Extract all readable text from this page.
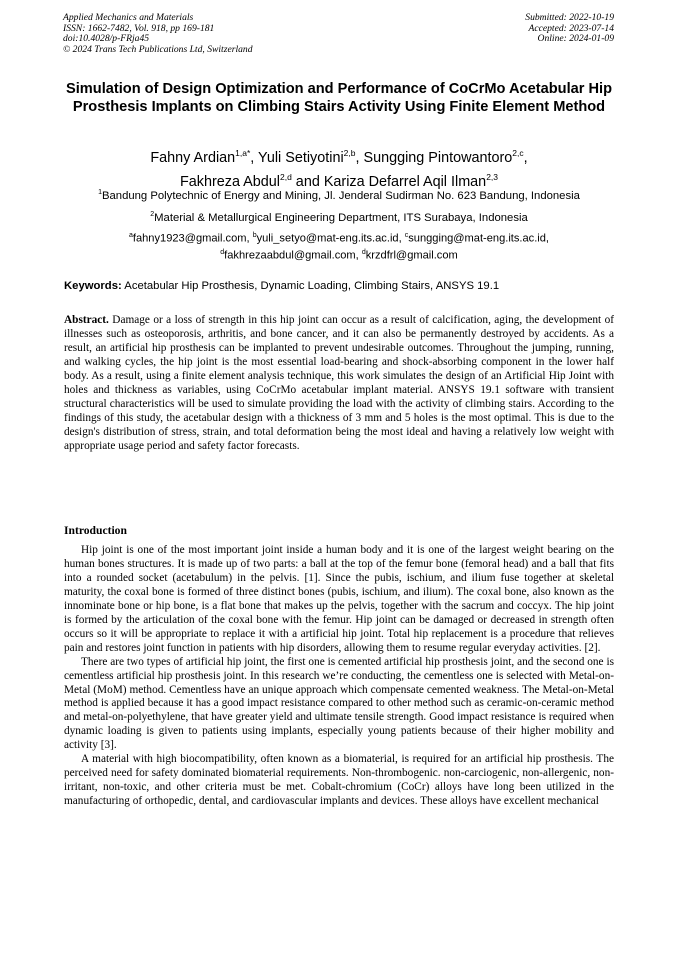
Applied Mechanics and Materials
ISSN: 1662-7482, Vol. 918, pp 169-181
doi:10.4028/p-FRja45
© 2024 Trans Tech Publications Ltd, Switzerland
Submitted: 2022-10-19
Accepted: 2023-07-14
Online: 2024-01-09
Simulation of Design Optimization and Performance of CoCrMo Acetabular Hip Prosthesis Implants on Climbing Stairs Activity Using Finite Element Method
Fahny Ardian$^{1,a*}$, Yuli Setiyotini$^{2,b}$, Sungging Pintowantoro$^{2,c}$,
Fakhreza Abdul$^{2,d}$ and Kariza Defarrel Aqil Ilman$^{2,3}$
$^1$Bandung Polytechnic of Energy and Mining, Jl. Jenderal Sudirman No. 623 Bandung, Indonesia
$^2$Material & Metallurgical Engineering Department, ITS Surabaya, Indonesia
$^a$fahny1923@gmail.com, $^b$yuli_setyo@mat-eng.its.ac.id, $^c$sungging@mat-eng.its.ac.id,
$^d$fakhrezaabdul@gmail.com, $^d$krzdfrl@gmail.com
Keywords: Acetabular Hip Prosthesis, Dynamic Loading, Climbing Stairs, ANSYS 19.1

Abstract. Damage or a loss of strength in this hip joint can occur as a result of calcification, aging, the development of illnesses such as osteoporosis, arthritis, and bone cancer, and it can also be permanently destroyed by accidents. As a result, an artificial hip prosthesis can be implanted to prevent undesirable outcomes. Throughout the jumping, running, and walking cycles, the hip joint is the most essential load-bearing and shock-absorbing component in the lower half body. As a result, using a finite element analysis technique, this work simulates the design of an Artificial Hip Joint with holes and thickness as variables, using CoCrMo acetabular implant material. ANSYS 19.1 software with transient structural characteristics will be used to simulate providing the load with the activity of climbing stairs. According to the findings of this study, the acetabular design with a thickness of 3 mm and 5 holes is the most optimal. This is due to the design's distribution of stress, strain, and total deformation being the most ideal and having a relatively low weight with appropriate usage period and safety factor forecasts.

Introduction

Hip joint is one of the most important joint inside a human body and it is one of the largest weight bearing on the human bones structures. It is made up of two parts: a ball at the top of the femur bone (femoral head) and a ball that fits into a rounded socket (acetabulum) in the pelvis. [1]. Since the pubis, ischium, and ilium fuse together at skeletal maturity, the coxal bone is formed of three distinct bones (pubis, ischium, and ilium). The coxal bone, also known as the innominate bone or hip bone, is a flat bone that makes up the pelvis, together with the sacrum and coccyx. The hip joint is formed by the articulation of the coxal bone with the femur. Hip joint can be damaged or decreased in strength often occurs so it will be appropriate to replace it with a artificial hip joint. Total hip replacement is a procedure that relieves pain and restores joint function in patients with hip disorders, allowing them to resume regular everyday activities. [2].

There are two types of artificial hip joint, the first one is cemented artificial hip prosthesis joint, and the second one is cementless artificial hip prosthesis joint. In this research we’re conducting, the cementless one is selected with Metal-on-Metal (MoM) method. Cementless have an unique approach which compensate cemented weakness. The Metal-on-Metal method is applied because it has a good impact resistance compared to other method such as ceramic-on-ceramic method and metal-on-polyethylene, that have greater yield and ultimate tensile strength. Good impact resistance is required when dynamic loading is given to patients using implants, especially young patients because of their higher mobility and activity [3].

A material with high biocompatibility, often known as a biomaterial, is required for an artificial hip prosthesis. The perceived need for safety dominated biomaterial requirements. Non-thrombogenic. non-carciogenic, non-allergenic, non-irritant, non-toxic, and other criteria must be met. Cobalt-chromium (CoCr) alloys have long been utilized in the manufacturing of orthopedic, dental, and cardiovascular implants and devices. These alloys have excellent mechanical
